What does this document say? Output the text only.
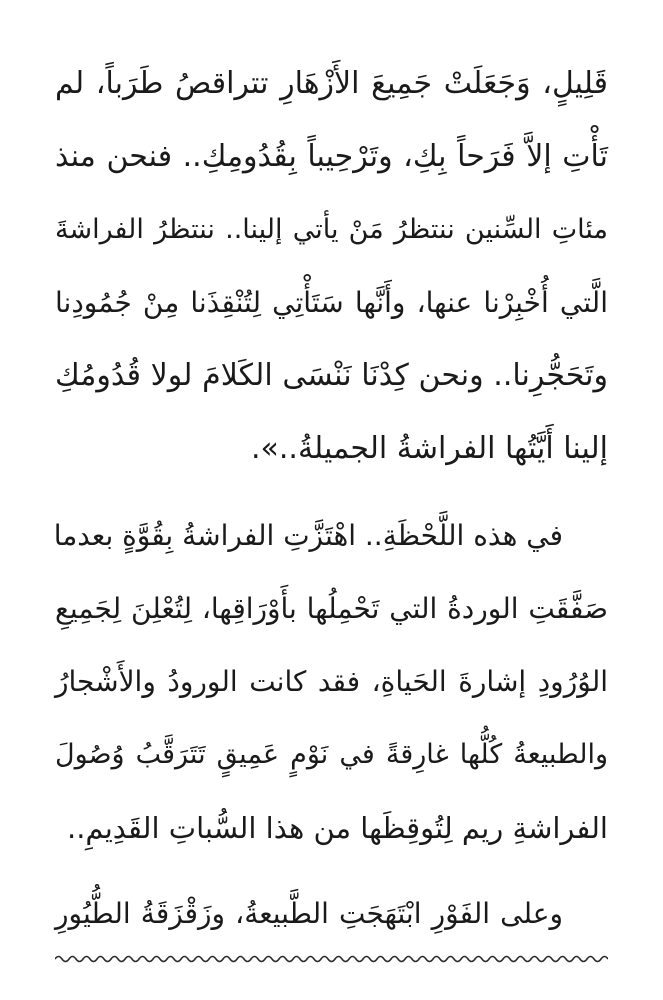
قَلِيلٍ، وَجَعَلَتْ جَمِيعَ الأَزْهَارِ تتراقصُ طَرَباً، لم
تَأْتِ إلاَّ فَرَحاً بِكِ، وتَرْحِيباً بِقُدُومِكِ.. فنحن منذ
مئاتِ السِّنين ننتظرُ مَنْ يأتي إلينا.. ننتظرُ الفراشةَ
الَّتي أُخْبِرْنا عنها، وأَنَّها سَتَأْتِي لِتُنْقِذَنا مِنْ جُمُودِنا
وتَحَجُّرِنا.. ونحن كِدْنَا نَنْسَى الكَلامَ لولا قُدُومُكِ
إلينا أَيَّتُها الفراشةُ الجميلةُ..».
في هذه اللَّحْظَةِ.. اهْتَزَّتِ الفراشةُ بِقُوَّةٍ بعدما
صَفَّقَتِ الوردةُ التي تَحْمِلُها بأَوْرَاقِها، لِتُعْلِنَ لِجَمِيعِ
الوُرُودِ إشارةَ الحَياةِ، فقد كانت الورودُ والأَشْجارُ
والطبيعةُ كُلُّها غارِقةً في نَوْمٍ عَمِيقٍ تَتَرَقَّبُ وُصُولَ
الفراشةِ ريم لِتُوقِظَها من هذا السُّباتِ القَدِيمِ..
وعلى الفَوْرِ ابْتَهَجَتِ الطَّبيعةُ، وزَقْزَقَةُ الطُّيُورِ
